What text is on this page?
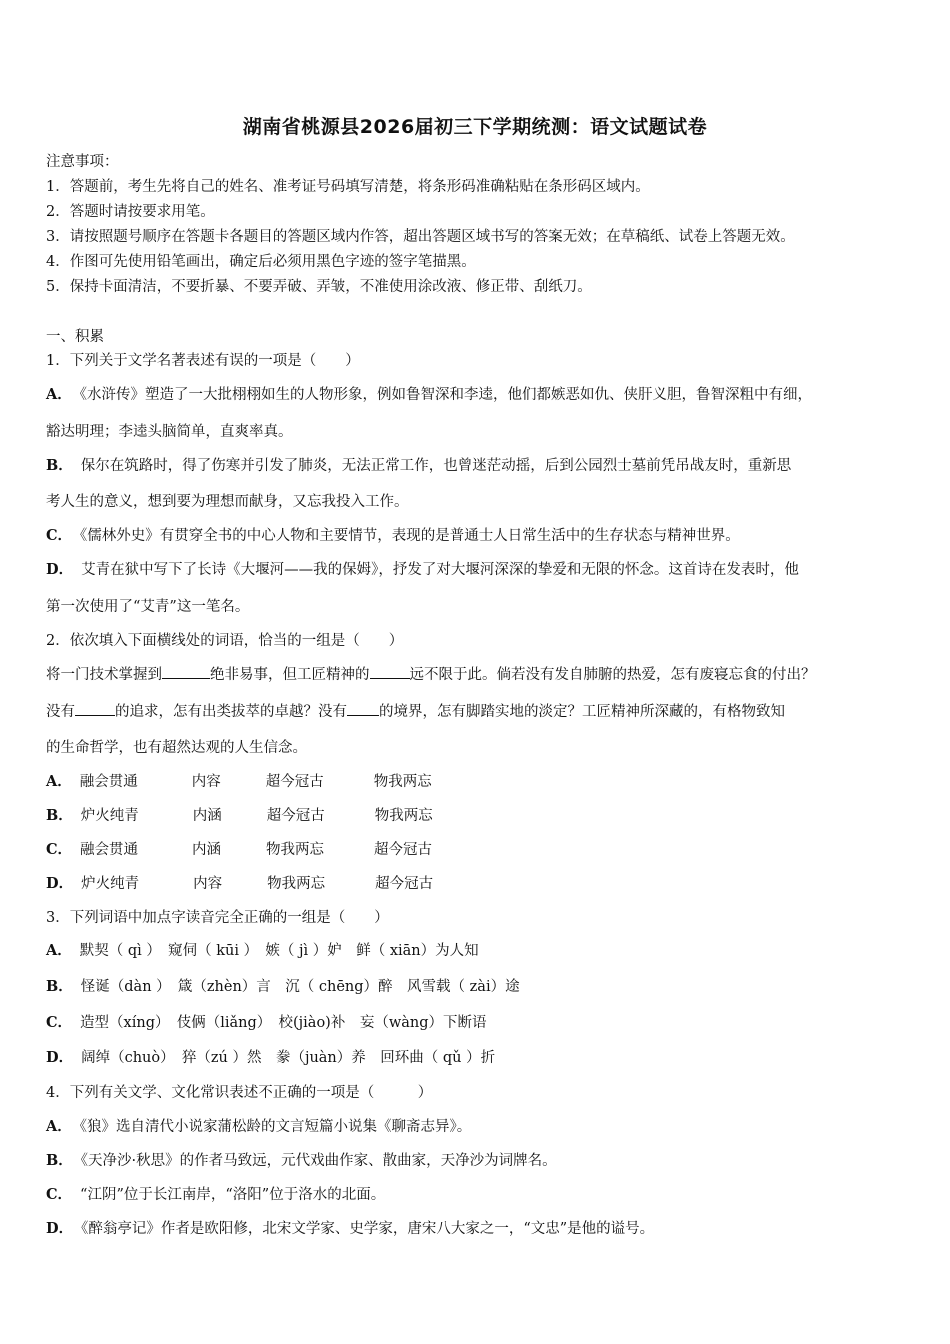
湖南省桃源县2026届初三下学期统测：语文试题试卷
注意事项：
1．答题前，考生先将自己的姓名、准考证号码填写清楚，将条形码准确粘贴在条形码区域内。
2．答题时请按要求用笔。
3．请按照题号顺序在答题卡各题目的答题区域内作答，超出答题区域书写的答案无效；在草稿纸、试卷上答题无效。
4．作图可先使用铅笔画出，确定后必须用黑色字迹的签字笔描黑。
5．保持卡面清洁，不要折暴、不要弄破、弄皱，不准使用涂改液、修正带、刮纸刀。
一、积累
1．下列关于文学名著表述有误的一项是（　　）
A． 《水浒传》塑造了一大批栩栩如生的人物形象，例如鲁智深和李逵，他们都嫉恶如仇、侠肝义胆，鲁智深粗中有细，
豁达明理；李逵头脑简单，直爽率真。
B． 保尔在筑路时，得了伤寒并引发了肺炎，无法正常工作，也曾迷茫动摇，后到公园烈士墓前凭吊战友时，重新思
考人生的意义，想到要为理想而献身，又忘我投入工作。
C． 《儒林外史》有贯穿全书的中心人物和主要情节，表现的是普通士人日常生活中的生存状态与精神世界。
D． 艾青在狱中写下了长诗《大堰河——我的保姆》，抒发了对大堰河深深的挚爱和无限的怀念。这首诗在发表时，他
第一次使用了“艾青”这一笔名。
2．依次填入下面横线处的词语，恰当的一组是（　　）
将一门技术掌握到	绝非易事，但工匠精神的	远不限于此。倘若没有发自肺腑的热爱，怎有废寝忘食的付出？
没有	的追求，怎有出类拔萃的卓越？没有 的境界，怎有脚踏实地的淡定？工匠精神所深藏的，有格物致知
的生命哲学，也有超然达观的人生信念。
A． 融会贯通	内容	超今冠古	物我两忘
B． 炉火纯青	内涵	超今冠古	物我两忘
C． 融会贯通	内涵	物我两忘	超今冠古
D． 炉火纯青	内容	物我两忘	超今冠古
3．下列词语中加点字读音完全正确的一组是（　　）
A． 默契（ qì ）　窥伺（ kūi ）　嫉（ jì ）妒　鲜（ xiān）为人知
B． 怪诞（dàn ）　箴（zhèn）言　沉（ chēng）醉　风雪载（ zài）途
C． 造型（xíng）　伎俩（liǎng）　校(jiào)补　妄（wàng）下断语
D． 阔绰（chuò）　猝（zú ）然　豢（juàn）养　回环曲（ qǔ ）折
4．下列有关文学、文化常识表述不正确的一项是（　　　）
A． 《狼》选自清代小说家蒲松龄的文言短篇小说集《聊斋志异》。
B． 《天净沙·秋思》的作者马致远，元代戏曲作家、散曲家，天净沙为词牌名。
C． “江阴”位于长江南岸，“洛阳”位于洛水的北面。
D． 《醉翁亭记》作者是欧阳修，北宋文学家、史学家，唐宋八大家之一，“文忠”是他的谥号。
